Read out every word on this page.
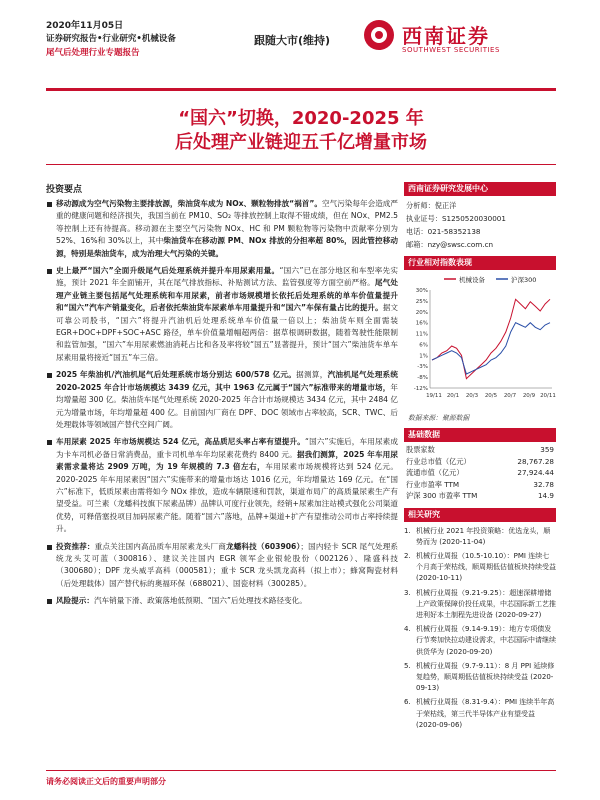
2020年11月05日
证券研究报告•行业研究•机械设备
尾气后处理行业专题报告
跟随大市(维持)	西南证券
SOUTHWEST SECURITIES
“国六”切换，2020-2025 年
后处理产业链迎五千亿增量市场
投资要点
移动源成为空气污染物主要排放源，柴油货车成为 NOx、颗粒物排放“祸首”。空气污染每年会造成严重的健康问题和经济损失，我国当前在 PM10、SO₂ 等排放控制上取得不错成绩，但在 NOx、PM2.5 等控制上还有待提高。移动源在主要空气污染物 NOx、HC 和 PM 颗粒物等污染物中贡献率分别为 52%、16%和 30%以上，其中柴油货车在移动源 PM、NOx 排放的分担率超 80%，因此管控移动源，特别是柴油货车，成为治理大气污染的关键。
史上最严“国六”全面升级尾气后处理系统并提升车用尿素用量。“国六”已在部分地区和车型率先实施，预计 2021 年全面铺开，其在尾气排放指标、补贴测试方法、监管强度等方面空前严格。尾气处理产业链主要包括尾气处理系统和车用尿素，前者市场规模增长依托后处理系统的单车价值量提升和“国六”汽车产销量变化，后者依托柴油货车尿素单车用量提升和“国六”车保有量占比的提升。据文可靠公司股书，“国六”将提升汽油机后处理系统单车价值量一倍以上；柴油货车则全面需装 EGR+DOC+DPF+SOC+ASC 路径，单车价值量增幅超两倍：据草根调研数据，随着驾驶性能限制和监管加强，“国六”车用尿素燃油消耗占比和各及率将较“国五”显著提升，预计“国六”柴油货车单车尿素用量将接近“国五”车三倍。
2025 年柴油机/汽油机尾气后处理系统市场分别达 600/578 亿元。据测算，汽油机尾气处理系统 2020-2025 年合计市场规模达 3439 亿元，其中 1963 亿元属于“国六”标准带来的增量市场，年均增量超 300 亿。柴油货车尾气处理系统 2020-2025 年合计市场规模达 3434 亿元，其中 2484 亿元为增量市场，年均增量超 400 亿。目前国内厂商在 DPF、DOC 领域市占率较高，SCR、TWC、后处理载体等领域国产替代空间广阔。
车用尿素 2025 年市场规模达 524 亿元，高品质尼头率占率有望提升。“国六”实施后，车用尿素成为卡车司机必备日常消费品，重卡司机单车年均尿素花费约 8400 元。据我们测算，2025 年车用尿素需求量将达 2909 万吨，为 19 年规模的 7.3 倍左右，车用尿素市场规模将达到 524 亿元。2020-2025 年车用尿素因“国六”实施带来的增量市场达 1016 亿元，年均增量达 169 亿元。在“国六”标准下，低质尿素由需将如今 NOx 排放，造成车辆限速和罚款，渠道布局广的高质量尿素生产有望受益。可兰素（龙蟠科技旗下尿素品牌）品牌认可度行业领先，经销+尿素加注站模式强化公司渠道优势，可释借塞投项目加码尿素产能。随着“国六”落地，品牌+渠道+扩产有望推动公司市占率持续提升。
投资推荐：重点关注国内高品质车用尿素龙头厂商龙蟠科技（603906）；国内轻卡 SCR 尾气处理系统龙头艾可蓝（300816）、建议关注国内 EGR 领军企业银轮股份（002126）、隆盛科技（300680）；DPF 龙头威孚高科（000581）；重卡 SCR 龙头凯龙高科（拟上市）；蜂窝陶瓷材料（后处理载体）国产替代标的奥福环保（688021）、国瓷材料（300285）。
风险提示：汽车销量下滑、政策落地低预期、“国六”后处理技术路径变化。
西南证券研究发展中心
分析师：倪正洋
执业证号：S1250520030001
电话：021-58352138
邮箱：nzy@swsc.com.cn
行业相对指数表现
机械设备	沪深300
30%
25%
20%
16%
11%
6%
1%
-3%
-8%
-12%
19/11 20/1 20/3 20/5 20/7 20/9 20/11
数据来源：聚源数据
基础数据
股票家数	359
行业总市值（亿元）	28,767.28
流通市值（亿元）	27,924.44
行业市盈率 TTM	32.78
沪深 300 市盈率 TTM	14.9
相关研究
1. 机械行业 2021 年投资策略：优选龙头，顺势而为 (2020-11-04)
2. 机械行业周报（10.5-10.10）：PMI 连续七个月高于荣枯线，顺周期低估值板块持续受益 (2020-10-11)
3. 机械行业周报（9.21-9.25）：超速深耕增储上产政策保障价投任成果，中芯国际新工艺推进利好本土制程先进设备 (2020-09-27)
4. 机械行业周报（9.14-9.19）：地方专项债发行节奏加快拉动建设需求，中芯国际中请继续供货华为 (2020-09-20)
5. 机械行业周报（9.7-9.11）：8 月 PPI 延续修复趋势，顺周期低估值板块持续受益 (2020-09-13)
6. 机械行业周报（8.31-9.4）：PMI 连续半年高于荣枯线，第三代半导体产业有望受益 (2020-09-06)
请务必阅读正文后的重要声明部分
